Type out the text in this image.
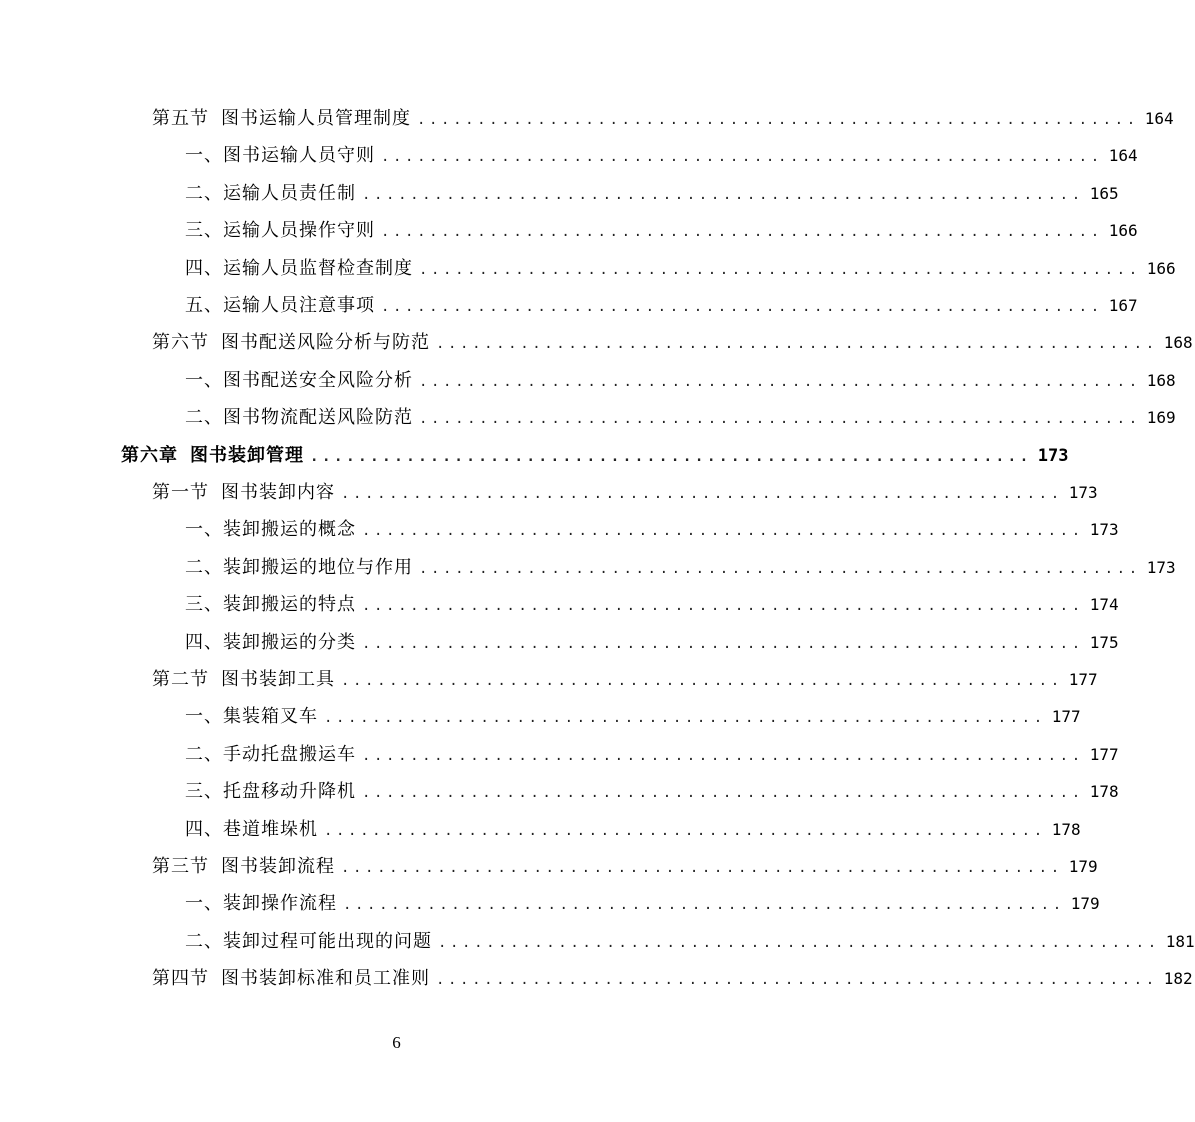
第五节 图书运输人员管理制度 ............................................................ 164
一、图书运输人员守则 ............................................................ 164
二、运输人员责任制 ............................................................ 165
三、运输人员操作守则 ............................................................ 166
四、运输人员监督检查制度 ............................................................ 166
五、运输人员注意事项 ............................................................ 167
第六节 图书配送风险分析与防范 ............................................................ 168
一、图书配送安全风险分析 ............................................................ 168
二、图书物流配送风险防范 ............................................................ 169
第六章 图书装卸管理 ............................................................ 173
第一节 图书装卸内容 ............................................................ 173
一、装卸搬运的概念 ............................................................ 173
二、装卸搬运的地位与作用 ............................................................ 173
三、装卸搬运的特点 ............................................................ 174
四、装卸搬运的分类 ............................................................ 175
第二节 图书装卸工具 ............................................................ 177
一、集装箱叉车 ............................................................ 177
二、手动托盘搬运车 ............................................................ 177
三、托盘移动升降机 ............................................................ 178
四、巷道堆垛机 ............................................................ 178
第三节 图书装卸流程 ............................................................ 179
一、装卸操作流程 ............................................................ 179
二、装卸过程可能出现的问题 ............................................................ 181
第四节 图书装卸标准和员工准则 ............................................................ 182
6
